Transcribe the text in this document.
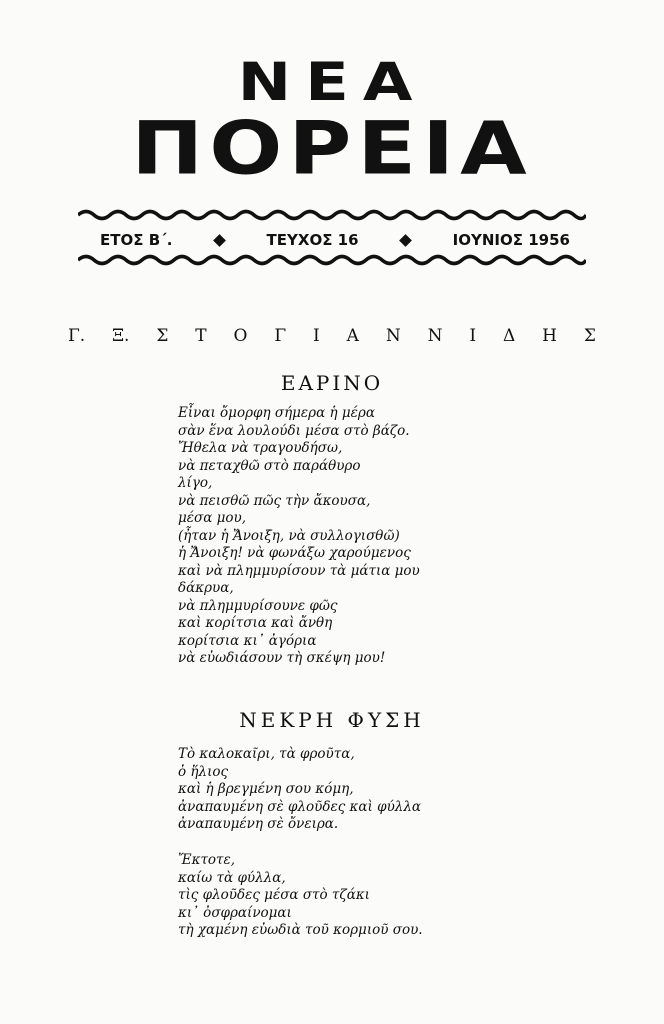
ΝΕΑ
ΠΟΡΕΙΑ
ΕΤΟΣ Β΄.	ΤΕΥΧΟΣ 16	ΙΟΥΝΙΟΣ 1956
Γ. Ξ. Σ Τ Ο Γ Ι Α Ν Ν Ι Δ Η Σ
ΕΑΡΙΝΟ
Εἶναι ὄμορφη σήμερα ἡ μέρα
σὰν ἕνα λουλούδι μέσα στὸ βάζο.
Ἤθελα νὰ τραγουδήσω,
νὰ πεταχθῶ στὸ παράθυρο
λίγο,
νὰ πεισθῶ πῶς τὴν ἄκουσα,
μέσα μου,
(ἦταν ἡ Ἄνοιξη, νὰ συλλογισθῶ)
ἡ Ἄνοιξη! νὰ φωνάξω χαρούμενος
καὶ νὰ πλημμυρίσουν τὰ μάτια μου
δάκρυα,
νὰ πλημμυρίσουνε φῶς
καὶ κορίτσια καὶ ἄνθη
κορίτσια κι᾽ ἀγόρια
νὰ εὐωδιάσουν τὴ σκέψη μου!
ΝΕΚΡΗ ΦΥΣΗ
Τὸ καλοκαῖρι, τὰ φροῦτα,
ὁ ἥλιος
καὶ ἡ βρεγμένη σου κόμη,
ἀναπαυμένη σὲ φλοῦδες καὶ φύλλα
ἀναπαυμένη σὲ ὄνειρα.
Ἔκτοτε,
καίω τὰ φύλλα,
τὶς φλοῦδες μέσα στὸ τζάκι
κι᾽ ὀσφραίνομαι
τὴ χαμένη εὐωδιὰ τοῦ κορμιοῦ σου.
